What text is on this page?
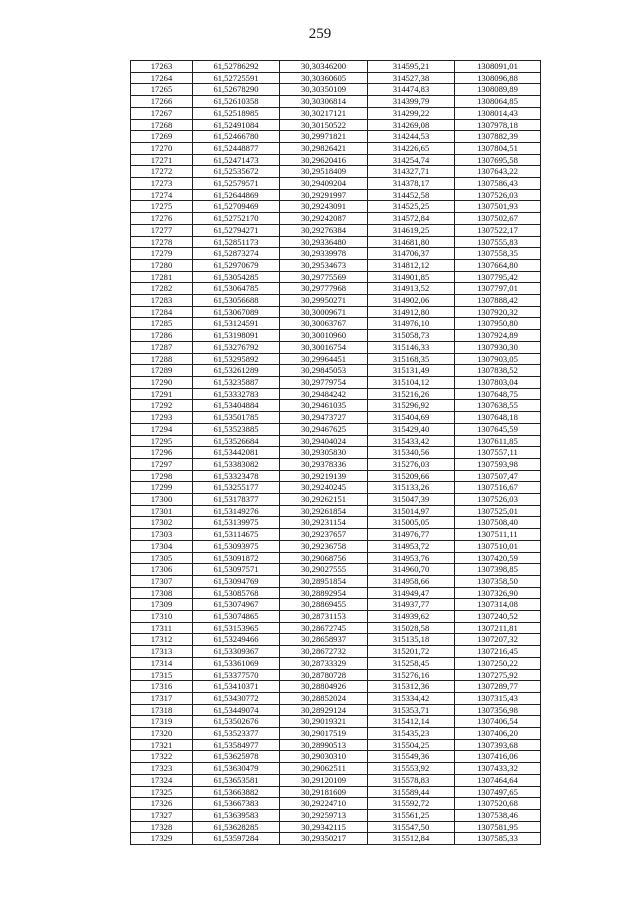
259
17263	61,52786292	30,30346200	314595,21	1308091,01
17264	61,52725591	30,30360605	314527,38	1308096,88
17265	61,52678290	30,30350109	314474,83	1308089,89
17266	61,52610358	30,30306814	314399,79	1308064,85
17267	61,52518985	30,30217121	314299,22	1308014,43
17268	61,52491084	30,30150522	314269,08	1307978,18
17269	61,52466780	30,29971821	314244,53	1307882,39
17270	61,52448877	30,29826421	314226,65	1307804,51
17271	61,52471473	30,29620416	314254,74	1307695,58
17272	61,52535672	30,29518409	314327,71	1307643,22
17273	61,52579571	30,29409204	314378,17	1307586,43
17274	61,52644869	30,29291997	314452,58	1307526,03
17275	61,52709469	30,29243091	314525,25	1307501,93
17276	61,52752170	30,29242087	314572,84	1307502,67
17277	61,52794271	30,29276384	314619,25	1307522,17
17278	61,52851173	30,29336480	314681,80	1307555,83
17279	61,52873274	30,29339978	314706,37	1307558,35
17280	61,52970679	30,29534673	314812,12	1307664,80
17281	61,53054285	30,29775569	314901,85	1307795,42
17282	61,53064785	30,29777968	314913,52	1307797,01
17283	61,53056688	30,29950271	314902,06	1307888,42
17284	61,53067089	30,30009671	314912,80	1307920,32
17285	61,53124591	30,30063767	314976,10	1307950,80
17286	61,53198091	30,30010960	315058,73	1307924,89
17287	61,53276792	30,30016754	315146,33	1307930,30
17288	61,53295892	30,29964451	315168,35	1307903,05
17289	61,53261289	30,29845053	315131,49	1307838,52
17290	61,53235887	30,29779754	315104,12	1307803,04
17291	61,53332783	30,29484242	315216,26	1307648,75
17292	61,53404884	30,29461035	315296,92	1307638,55
17293	61,53501785	30,29473727	315404,69	1307648,18
17294	61,53523885	30,29467625	315429,40	1307645,59
17295	61,53526684	30,29404024	315433,42	1307611,85
17296	61,53442081	30,29305830	315340,56	1307557,11
17297	61,53383082	30,29378336	315276,03	1307593,98
17298	61,53323478	30,29219139	315209,66	1307507,47
17299	61,53255177	30,29240245	315133,26	1307516,67
17300	61,53178377	30,29262151	315047,39	1307526,03
17301	61,53149276	30,29261854	315014,97	1307525,01
17302	61,53139975	30,29231154	315005,05	1307508,40
17303	61,53114675	30,29237657	314976,77	1307511,11
17304	61,53093975	30,29236758	314953,72	1307510,01
17305	61,53091872	30,29068756	314953,76	1307420,59
17306	61,53097571	30,29027555	314960,70	1307398,85
17307	61,53094769	30,28951854	314958,66	1307358,50
17308	61,53085768	30,28892954	314949,47	1307326,90
17309	61,53074967	30,28869455	314937,77	1307314,08
17310	61,53074865	30,28731153	314939,62	1307240,52
17311	61,53153965	30,28672745	315028,58	1307211,81
17312	61,53249466	30,28658937	315135,18	1307207,32
17313	61,53309367	30,28672732	315201,72	1307216,45
17314	61,53361069	30,28733329	315258,45	1307250,22
17315	61,53377570	30,28780728	315276,16	1307275,92
17316	61,53410371	30,28804926	315312,36	1307289,77
17317	61,53430772	30,28852024	315334,42	1307315,43
17318	61,53449074	30,28929124	315353,71	1307356,98
17319	61,53502676	30,29019321	315412,14	1307406,54
17320	61,53523377	30,29017519	315435,23	1307406,20
17321	61,53584977	30,28990513	315504,25	1307393,68
17322	61,53625978	30,29030310	315549,36	1307416,06
17323	61,53630479	30,29062511	315553,92	1307433,32
17324	61,53653581	30,29120109	315578,83	1307464,64
17325	61,53663882	30,29181609	315589,44	1307497,65
17326	61,53667383	30,29224710	315592,72	1307520,68
17327	61,53639583	30,29259713	315561,25	1307538,46
17328	61,53628285	30,29342115	315547,50	1307581,95
17329	61,53597284	30,29350217	315512,84	1307585,33
